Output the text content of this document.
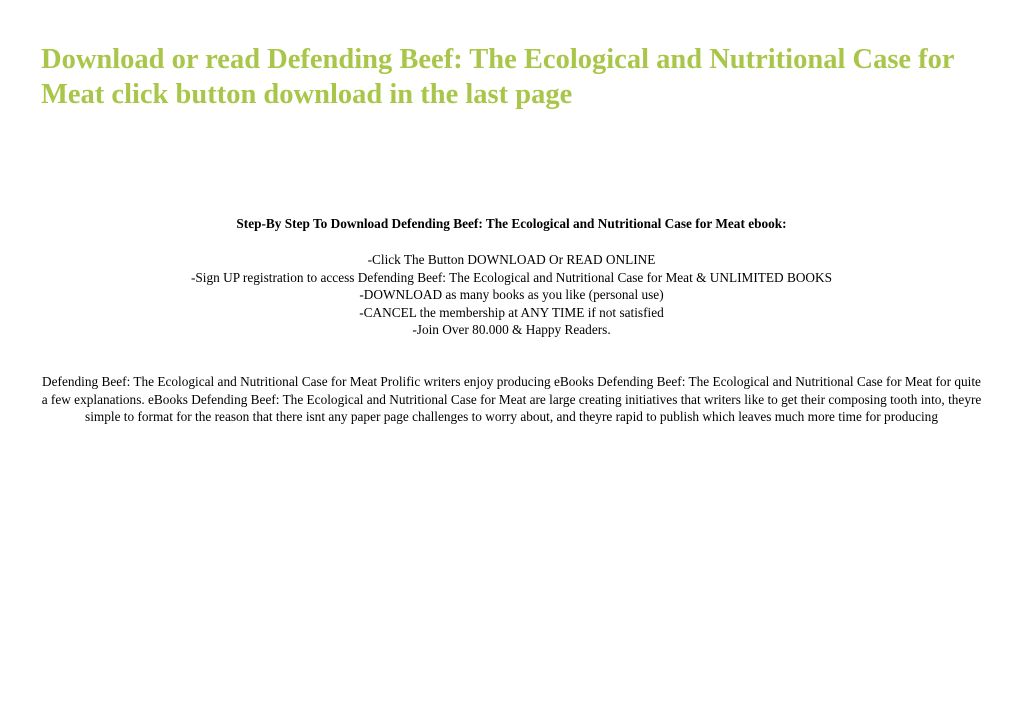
Download or read Defending Beef: The Ecological and Nutritional Case for Meat click button download in the last page

Step-By Step To Download Defending Beef: The Ecological and Nutritional Case for Meat ebook:

-Click The Button DOWNLOAD Or READ ONLINE
-Sign UP registration to access Defending Beef: The Ecological and Nutritional Case for Meat & UNLIMITED BOOKS
-DOWNLOAD as many books as you like (personal use)
-CANCEL the membership at ANY TIME if not satisfied
-Join Over 80.000 & Happy Readers.

Defending Beef: The Ecological and Nutritional Case for Meat Prolific writers enjoy producing eBooks Defending Beef: The Ecological and Nutritional Case for Meat for quite a few explanations. eBooks Defending Beef: The Ecological and Nutritional Case for Meat are large creating initiatives that writers like to get their composing tooth into, theyre simple to format for the reason that there isnt any paper page challenges to worry about, and theyre rapid to publish which leaves much more time for producing
